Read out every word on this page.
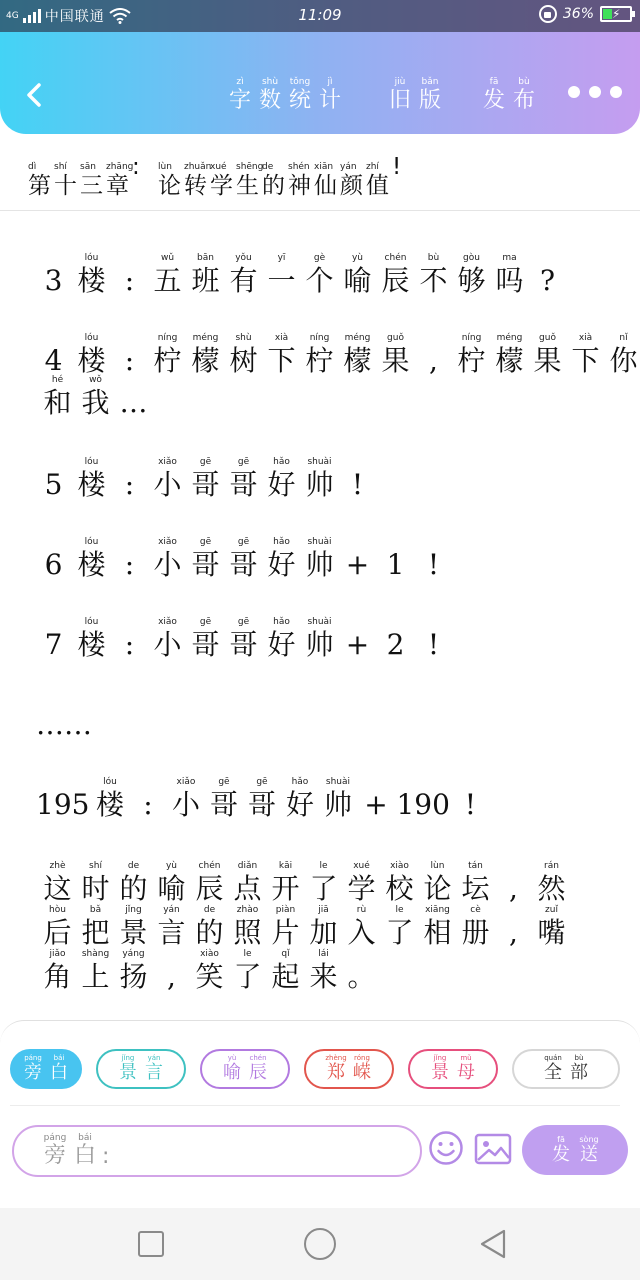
4G 中国联通	11:09	36% ⚡
zì
字
shù
数
tǒng
统
jì
计
jiù
旧
bǎn
版
fā
发
bù
布
dì第
shí十
sān三
zhāng章
:	lùn论
zhuǎn转
xué学
shēng生
de的
shén神
xiān仙
yán颜
zhí值
!
3
lóu
楼 :
wǔ
五
bān
班
yǒu
有
yī
一
gè
个
yù
喻
chén
辰
bù
不
gòu
够
ma
吗 ?
4
lóu
楼 :
níng
柠
méng
檬
shù
树
xià
下
níng
柠
méng
檬
guǒ
果 ,
níng
柠
méng
檬
guǒ
果
xià
下
nǐ
你
hé
和
wǒ
我 …
5
lóu
楼 :
xiǎo
小
gē
哥
gē
哥
hǎo
好
shuài
帅 !
6
lóu
楼 :
xiǎo
小
gē
哥
gē
哥
hǎo
好
shuài
帅 + 1 !
7
lóu
楼 :
xiǎo
小
gē
哥
gē
哥
hǎo
好
shuài
帅 + 2 !
……
195
lóu
楼 :
xiǎo
小
gē
哥
gē
哥
hǎo
好
shuài
帅 + 190 !
zhè
这
shí
时
de
的
yù
喻
chén
辰
diǎn
点
kāi
开
le
了
xué
学
xiào
校
lùn
论
tán
坛 ,
rán
然
hòu
后
bǎ
把
jǐng
景
yán
言
de
的
zhào
照
piàn
片
jiā
加
rù
入
le
了
xiāng
相
cè
册 ,
zuǐ
嘴
jiǎo
角
shàng
上
yáng
扬 ,
xiào
笑
le
了
qǐ
起
lái
来 。
páng
旁
bái
白
jǐng
景
yán
言
yù
喻
chén
辰
zhèng
郑
róng
嵘
jǐng
景
mǔ
母
quán
全
bù
部
páng
旁
bái
白 :
fā
发
sòng
送
